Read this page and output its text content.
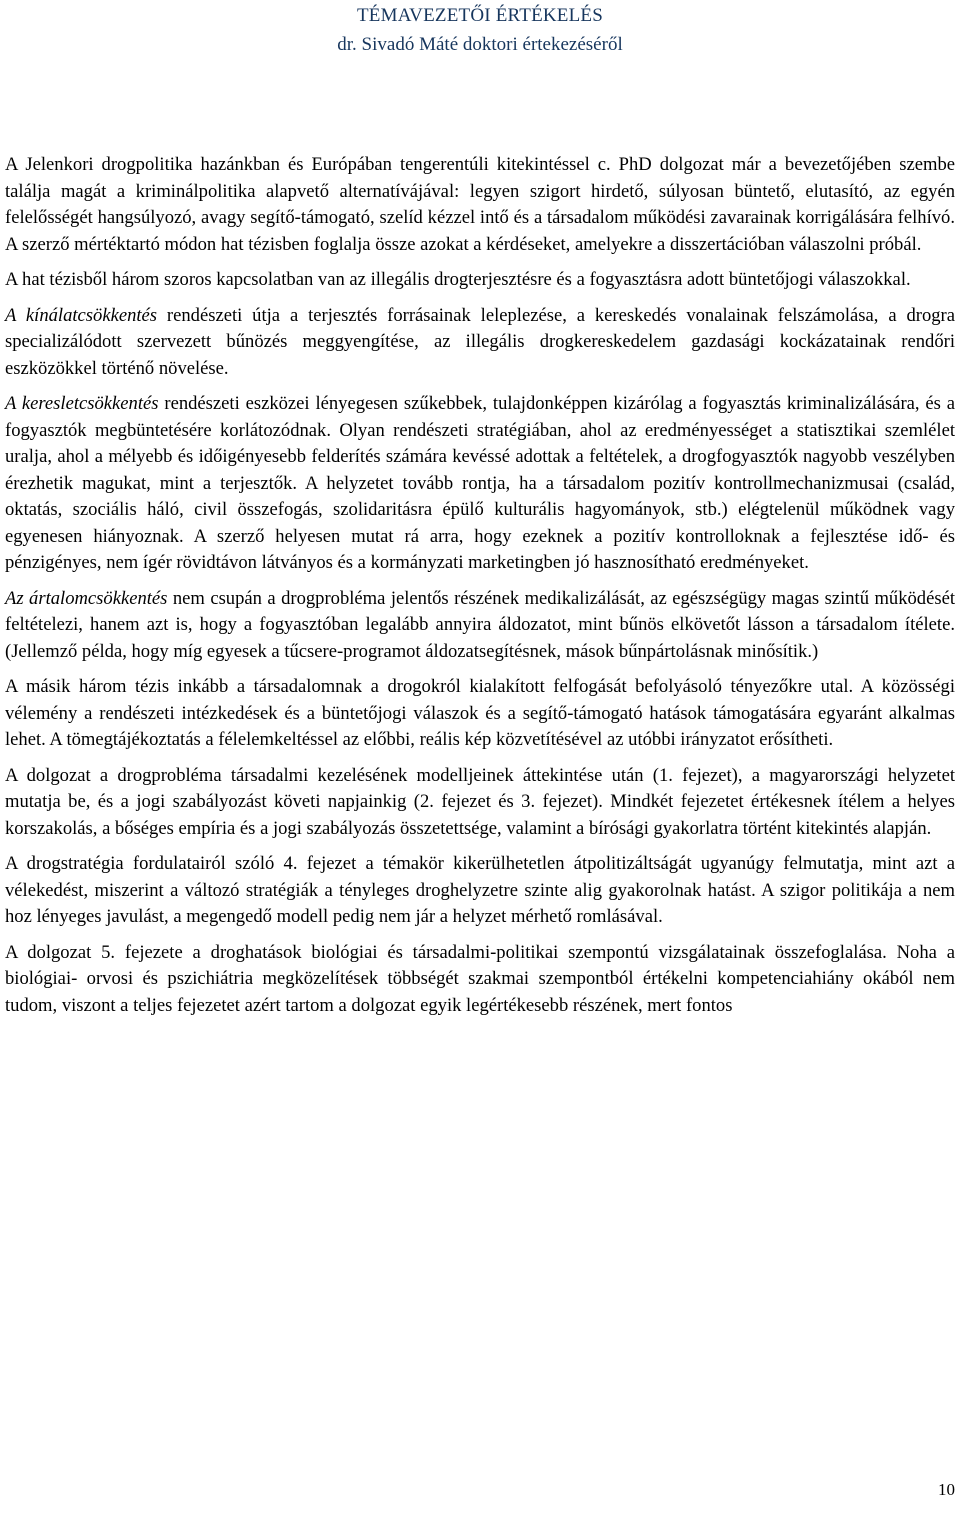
TÉMAVEZETŐI ÉRTÉKELÉS
dr. Sivadó Máté doktori értekezéséről

A Jelenkori drogpolitika hazánkban és Európában tengerentúli kitekintéssel c. PhD dolgozat már a bevezetőjében szembe találja magát a kriminálpolitika alapvető alternatívájával: legyen szigort hirdető, súlyosan büntető, elutasító, az egyén felelősségét hangsúlyozó, avagy segítő-támogató, szelíd kézzel intő és a társadalom működési zavarainak korrigálására felhívó. A szerző mértéktartó módon hat tézisben foglalja össze azokat a kérdéseket, amelyekre a disszertációban válaszolni próbál.

A hat tézisből három szoros kapcsolatban van az illegális drogterjesztésre és a fogyasztásra adott büntetőjogi válaszokkal.

A kínálatcsökkentés rendészeti útja a terjesztés forrásainak leleplezése, a kereskedés vonalainak felszámolása, a drogra specializálódott szervezett bűnözés meggyengítése, az illegális drogkereskedelem gazdasági kockázatainak rendőri eszközökkel történő növelése.

A keresletcsökkentés rendészeti eszközei lényegesen szűkebbek, tulajdonképpen kizárólag a fogyasztás kriminalizálására, és a fogyasztók megbüntetésére korlátozódnak. Olyan rendészeti stratégiában, ahol az eredményességet a statisztikai szemlélet uralja, ahol a mélyebb és időigényesebb felderítés számára kevéssé adottak a feltételek, a drogfogyasztók nagyobb veszélyben érezhetik magukat, mint a terjesztők. A helyzetet tovább rontja, ha a társadalom pozitív kontrollmechanizmusai (család, oktatás, szociális háló, civil összefogás, szolidaritásra épülő kulturális hagyományok, stb.) elégtelenül működnek vagy egyenesen hiányoznak. A szerző helyesen mutat rá arra, hogy ezeknek a pozitív kontrolloknak a fejlesztése idő- és pénzigényes, nem ígér rövidtávon látványos és a kormányzati marketingben jó hasznosítható eredményeket.

Az ártalomcsökkentés nem csupán a drogprobléma jelentős részének medikalizálását, az egészségügy magas szintű működését feltételezi, hanem azt is, hogy a fogyasztóban legalább annyira áldozatot, mint bűnös elkövetőt lásson a társadalom ítélete. (Jellemző példa, hogy míg egyesek a tűcsere-programot áldozatsegítésnek, mások bűnpártolásnak minősítik.)

A másik három tézis inkább a társadalomnak a drogokról kialakított felfogását befolyásoló tényezőkre utal. A közösségi vélemény a rendészeti intézkedések és a büntetőjogi válaszok és a segítő-támogató hatások támogatására egyaránt alkalmas lehet. A tömegtájékoztatás a félelemkeltéssel az előbbi, reális kép közvetítésével az utóbbi irányzatot erősítheti.

A dolgozat a drogprobléma társadalmi kezelésének modelljeinek áttekintése után (1. fejezet), a magyarországi helyzetet mutatja be, és a jogi szabályozást követi napjainkig (2. fejezet és 3. fejezet). Mindkét fejezetet értékesnek ítélem a helyes korszakolás, a bőséges empíria és a jogi szabályozás összetettsége, valamint a bírósági gyakorlatra történt kitekintés alapján.

A drogstratégia fordulatairól szóló 4. fejezet a témakör kikerülhetetlen átpolitizáltságát ugyanúgy felmutatja, mint azt a vélekedést, miszerint a változó stratégiák a tényleges droghelyzetre szinte alig gyakorolnak hatást. A szigor politikája a nem hoz lényeges javulást, a megengedő modell pedig nem jár a helyzet mérhető romlásával.

A dolgozat 5. fejezete a droghatások biológiai és társadalmi-politikai szempontú vizsgálatainak összefoglalása. Noha a biológiai- orvosi és pszichiátria megközelítések többségét szakmai szempontból értékelni kompetenciahiány okából nem tudom, viszont a teljes fejezetet azért tartom a dolgozat egyik legértékesebb részének, mert fontos

10
